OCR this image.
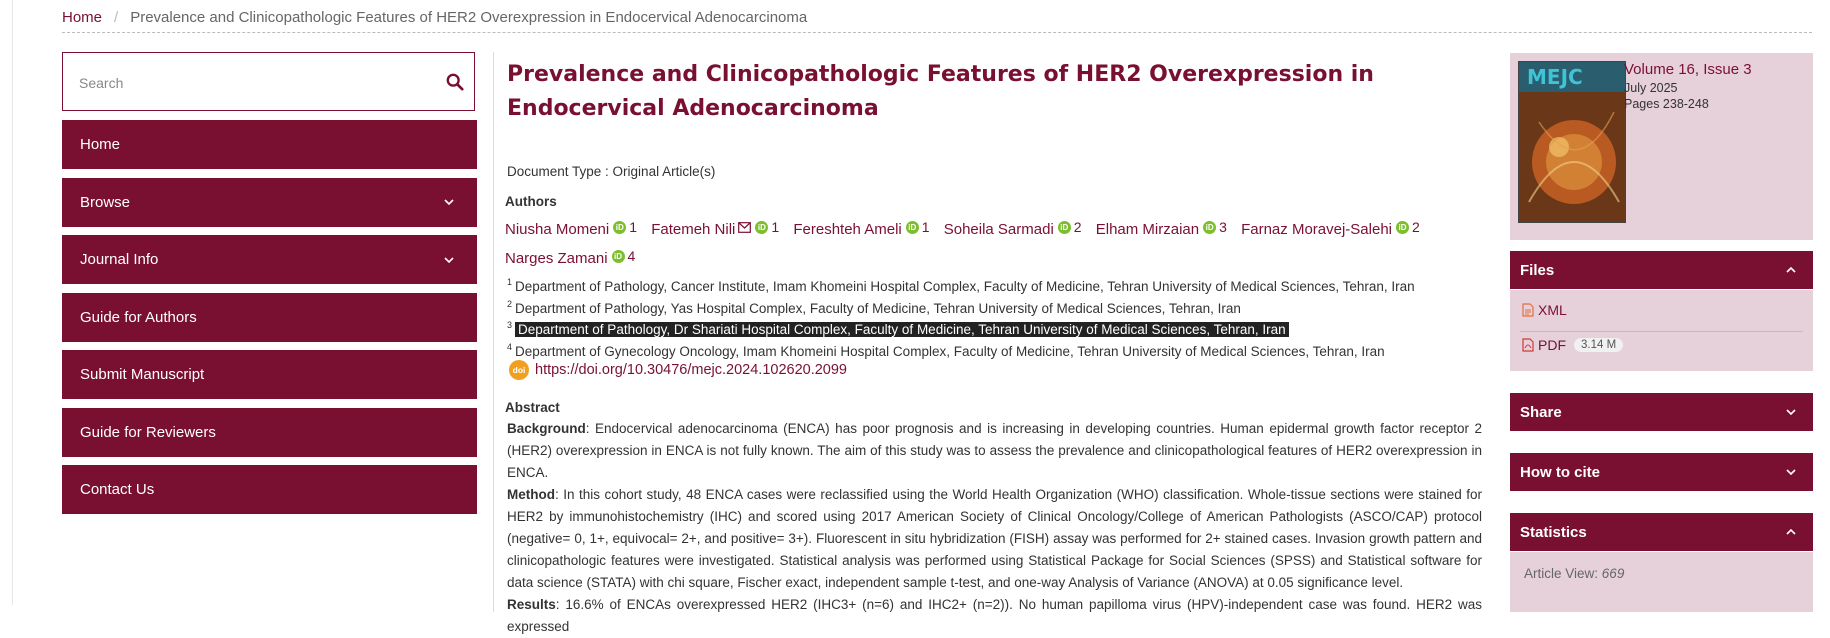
Home / Prevalence and Clinicopathologic Features of HER2 Overexpression in Endocervical Adenocarcinoma
Search
Home
Browse
Journal Info
Guide for Authors
Submit Manuscript
Guide for Reviewers
Contact Us
Prevalence and Clinicopathologic Features of HER2 Overexpression in Endocervical Adenocarcinoma
Document Type : Original Article(s)
Authors
Niusha Momeni iD 1 Fatemeh Nili	iD 1 Fereshteh Ameli iD 1 Soheila Sarmadi iD 2 Elham Mirzaian iD 3 Farnaz Moravej-Salehi iD 2 Narges Zamani iD 4
$^1$ Department of Pathology, Cancer Institute, Imam Khomeini Hospital Complex, Faculty of Medicine, Tehran University of Medical Sciences, Tehran, Iran
$^2$ Department of Pathology, Yas Hospital Complex, Faculty of Medicine, Tehran University of Medical Sciences, Tehran, Iran
$^3$ Department of Pathology, Dr Shariati Hospital Complex, Faculty of Medicine, Tehran University of Medical Sciences, Tehran, Iran
$^4$ Department of Gynecology Oncology, Imam Khomeini Hospital Complex, Faculty of Medicine, Tehran University of Medical Sciences, Tehran, Iran
doi https://doi.org/10.30476/mejc.2024.102620.2099
Abstract

Background: Endocervical adenocarcinoma (ENCA) has poor prognosis and is increasing in developing countries. Human epidermal growth factor receptor 2 (HER2) overexpression in ENCA is not fully known. The aim of this study was to assess the prevalence and clinicopathological features of HER2 overexpression in ENCA.

Method: In this cohort study, 48 ENCA cases were reclassified using the World Health Organization (WHO) classification. Whole-tissue sections were stained for HER2 by immunohistochemistry (IHC) and scored using 2017 American Society of Clinical Oncology/College of American Pathologists (ASCO/CAP) protocol (negative= 0, 1+, equivocal= 2+, and positive= 3+). Fluorescent in situ hybridization (FISH) assay was performed for 2+ stained cases. Invasion growth pattern and clinicopathologic features were investigated. Statistical analysis was performed using Statistical Package for Social Sciences (SPSS) and Statistical software for data science (STATA) with chi square, Fischer exact, independent sample t-test, and one-way Analysis of Variance (ANOVA) at 0.05 significance level.

Results: 16.6% of ENCAs overexpressed HER2 (IHC3+ (n=6) and IHC2+ (n=2)). No human papilloma virus (HPV)-independent case was found. HER2 was expressed

MEJC	Volume 16, Issue 3
July 2025
Pages 238-248
Files
XML
PDF	3.14 M
Share
How to cite
Statistics
Article View: 669
